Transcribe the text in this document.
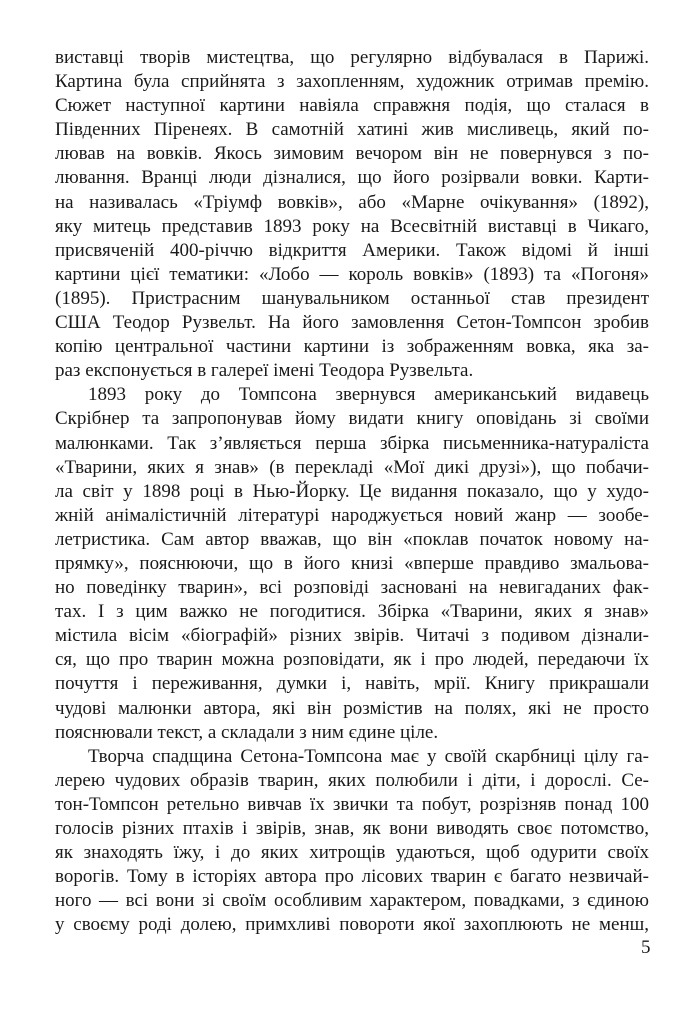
виставці творів мистецтва, що регулярно відбувалася в Парижі.
Картина була сприйнята з захопленням, художник отримав премію.
Сюжет наступної картини навіяла справжня подія, що сталася в
Південних Піренеях. В самотній хатині жив мисливець, який по-
лював на вовків. Якось зимовим вечором він не повернувся з по-
лювання. Вранці люди дізналися, що його розірвали вовки. Карти-
на називалась «Тріумф вовків», або «Марне очікування» (1892),
яку митець представив 1893 року на Всесвітній виставці в Чикаго,
присвяченій 400-річчю відкриття Америки. Також відомі й інші
картини цієї тематики: «Лобо — король вовків» (1893) та «Погоня»
(1895). Пристрасним шанувальником останньої став президент
США Теодор Рузвельт. На його замовлення Сетон-Томпсон зробив
копію центральної частини картини із зображенням вовка, яка за-
раз експонується в галереї імені Теодора Рузвельта.
1893 року до Томпсона звернувся американський видавець
Скрібнер та запропонував йому видати книгу оповідань зі своїми
малюнками. Так з’являється перша збірка письменника-натураліста
«Тварини, яких я знав» (в перекладі «Мої дикі друзі»), що побачи-
ла світ у 1898 році в Нью-Йорку. Це видання показало, що у худо-
жній анімалістичній літературі народжується новий жанр — зообе-
летристика. Сам автор вважав, що він «поклав початок новому на-
прямку», пояснюючи, що в його книзі «вперше правдиво змальова-
но поведінку тварин», всі розповіді засновані на невигаданих фак-
тах. І з цим важко не погодитися. Збірка «Тварини, яких я знав»
містила вісім «біографій» різних звірів. Читачі з подивом дізнали-
ся, що про тварин можна розповідати, як і про людей, передаючи їх
почуття і переживання, думки і, навіть, мрії. Книгу прикрашали
чудові малюнки автора, які він розмістив на полях, які не просто
пояснювали текст, а складали з ним єдине ціле.
Творча спадщина Сетона-Томпсона має у своїй скарбниці цілу га-
лерею чудових образів тварин, яких полюбили і діти, і дорослі. Се-
тон-Томпсон ретельно вивчав їх звички та побут, розрізняв понад 100
голосів різних птахів і звірів, знав, як вони виводять своє потомство,
як знаходять їжу, і до яких хитрощів удаються, щоб одурити своїх
ворогів. Тому в історіях автора про лісових тварин є багато незвичай-
ного — всі вони зі своїм особливим характером, повадками, з єдиною
у своєму роді долею, примхливі повороти якої захоплюють не менш,
5
